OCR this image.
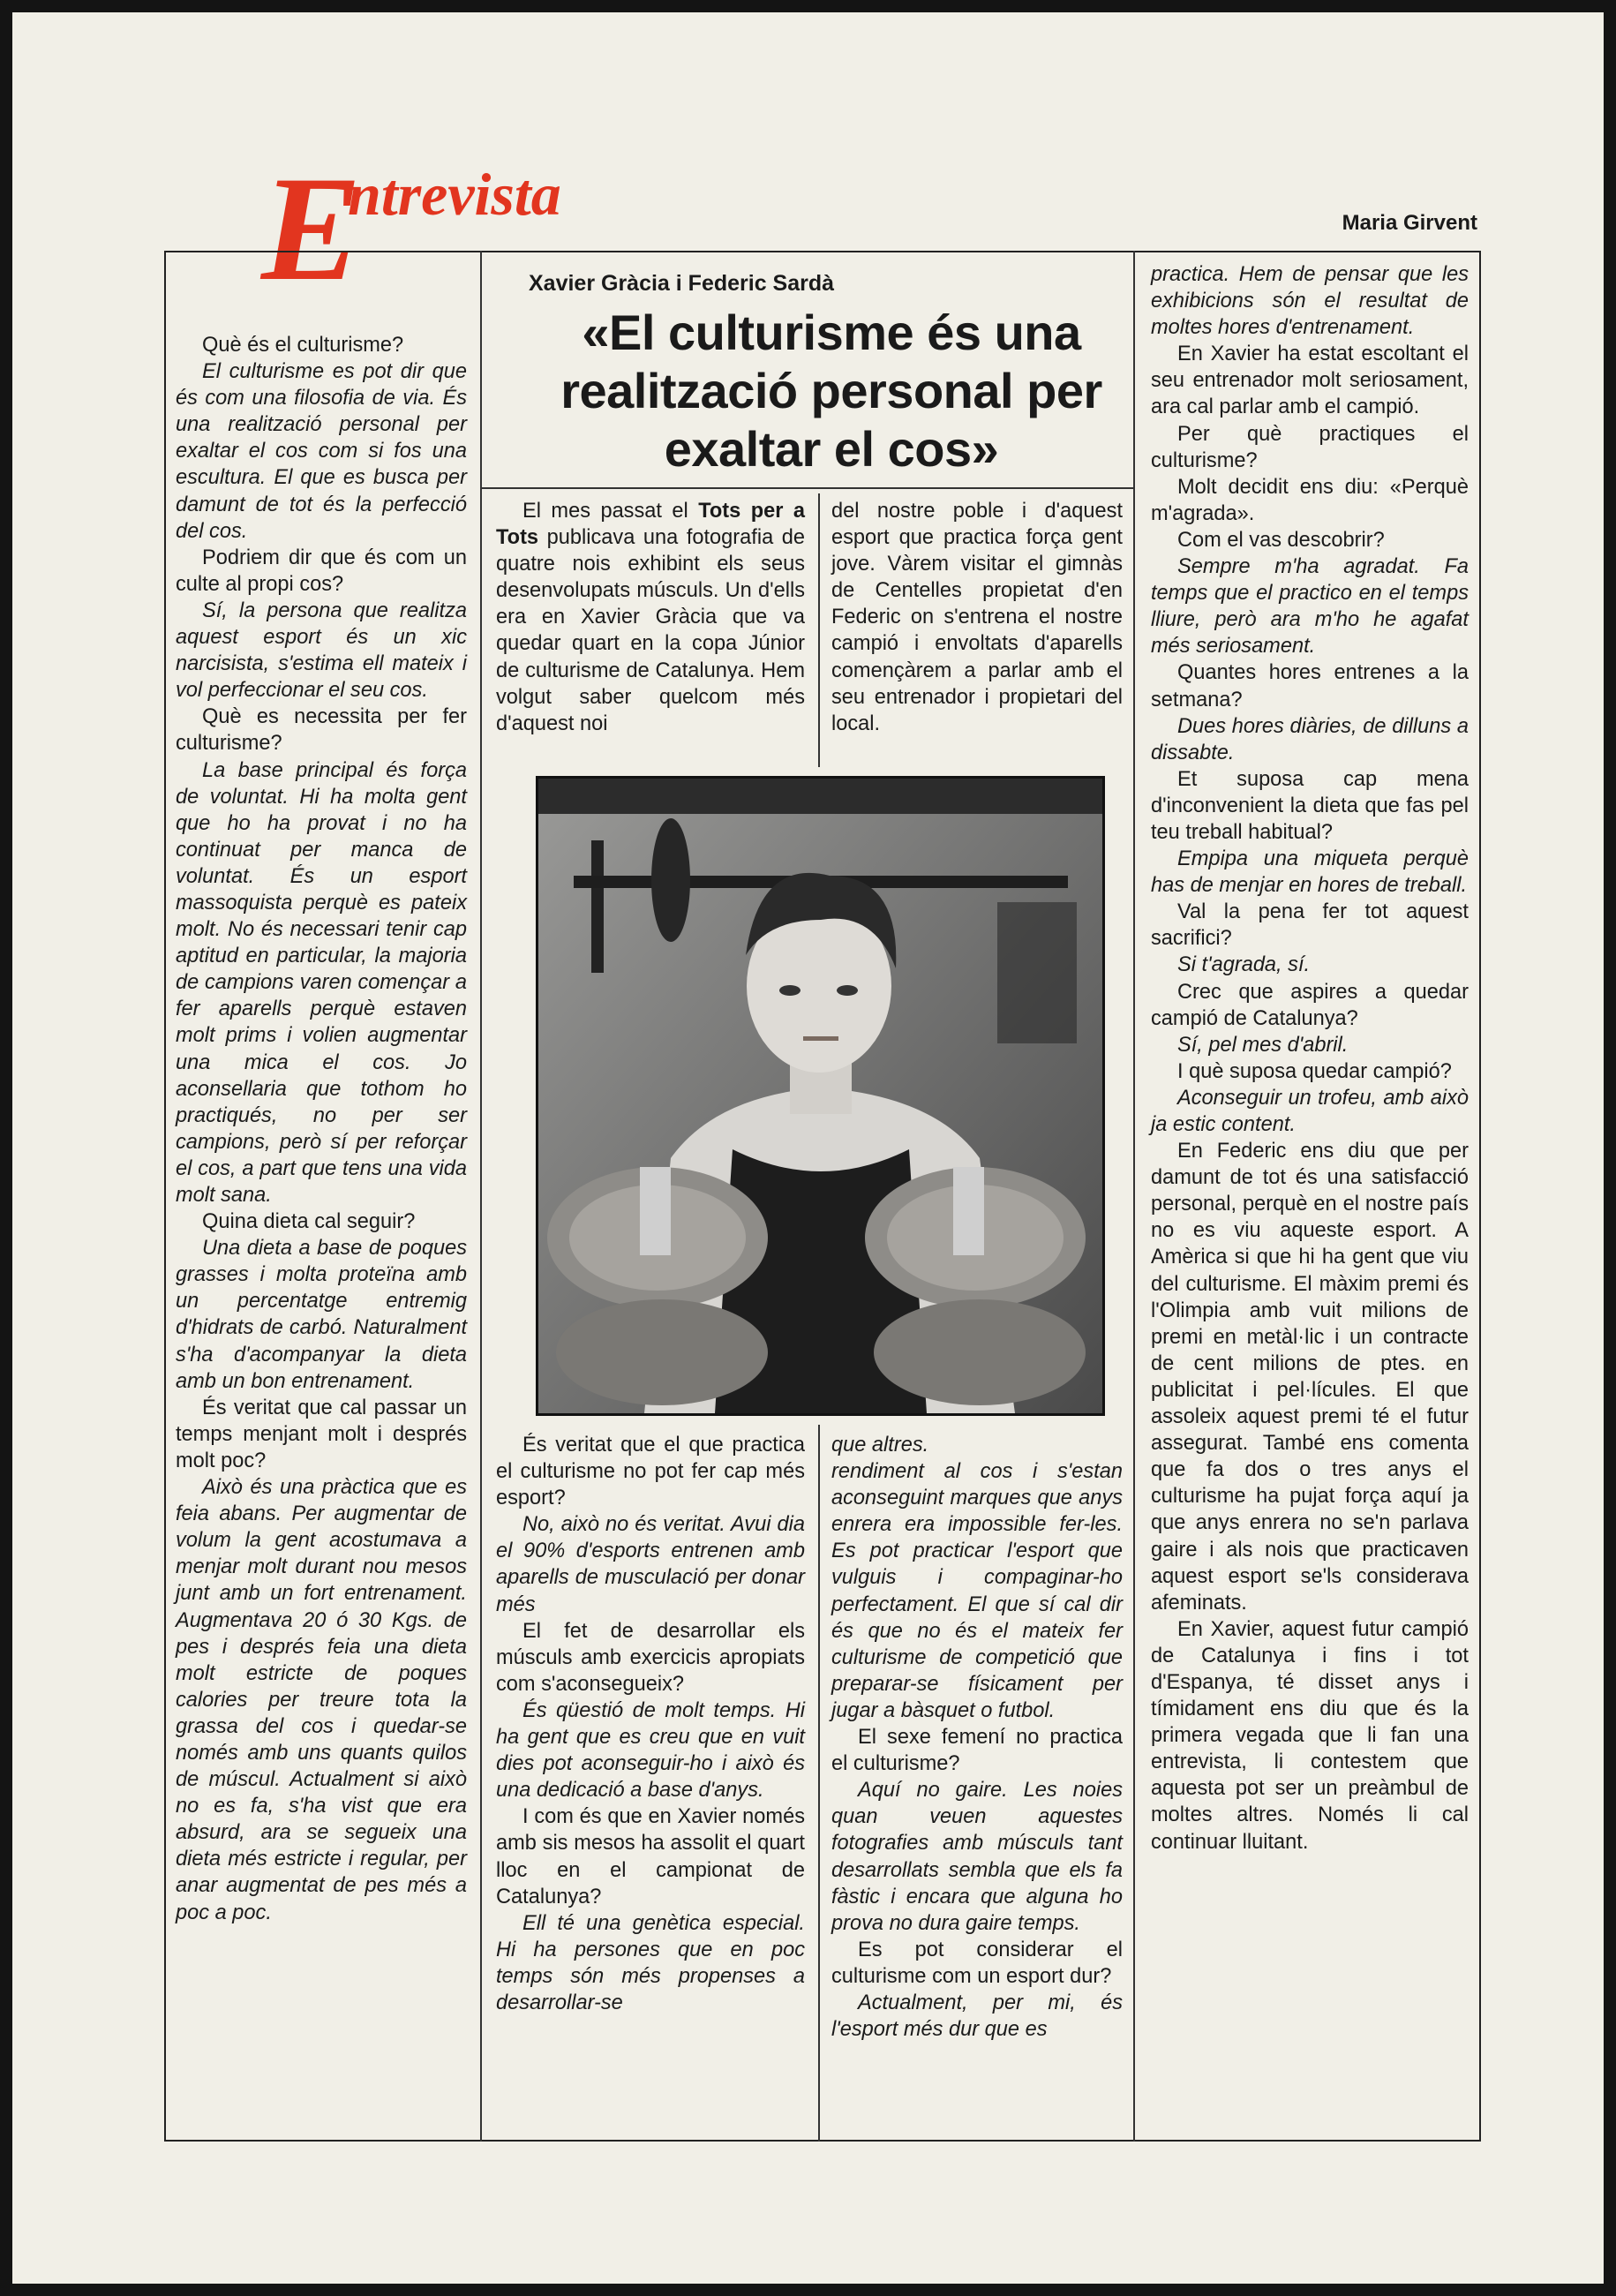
E
ntrevista	Maria Girvent

Què és el culturisme?

El culturisme es pot dir que és com una filosofia de via. És una realització personal per exaltar el cos com si fos una escultura. El que es busca per damunt de tot és la perfecció del cos.

Podriem dir que és com un culte al propi cos?

Sí, la persona que realitza aquest esport és un xic narcisista, s'estima ell mateix i vol perfeccionar el seu cos.

Què es necessita per fer culturisme?

La base principal és força de voluntat. Hi ha molta gent que ho ha provat i no ha continuat per manca de voluntat. És un esport massoquista perquè es pateix molt. No és necessari tenir cap aptitud en particular, la majoria de campions varen començar a fer aparells perquè estaven molt prims i volien augmentar una mica el cos. Jo aconsellaria que tothom ho practiqués, no per ser campions, però sí per reforçar el cos, a part que tens una vida molt sana.

Quina dieta cal seguir?

Una dieta a base de poques grasses i molta proteïna amb un percentatge entremig d'hidrats de carbó. Naturalment s'ha d'acompanyar la dieta amb un bon entrenament.

És veritat que cal passar un temps menjant molt i després molt poc?

Això és una pràctica que es feia abans. Per augmentar de volum la gent acostumava a menjar molt durant nou mesos junt amb un fort entrenament. Augmentava 20 ó 30 Kgs. de pes i després feia una dieta molt estricte de poques calories per treure tota la grassa del cos i quedar-se només amb uns quants quilos de múscul. Actualment si això no es fa, s'ha vist que era absurd, ara se segueix una dieta més estricte i regular, per anar augmentat de pes més a poc a poc.

Xavier Gràcia i Federic Sardà
«El culturisme és una realització personal per exaltar el cos»

El mes passat el Tots per a Tots publicava una fotografia de quatre nois exhibint els seus desenvolupats músculs. Un d'ells era en Xavier Gràcia que va quedar quart en la copa Júnior de culturisme de Catalunya. Hem volgut saber quelcom més d'aquest noi

del nostre poble i d'aquest esport que practica força gent jove. Vàrem visitar el gimnàs de Centelles propietat d'en Federic on s'entrena el nostre campió i envoltats d'aparells començàrem a parlar amb el seu entrenador i propietari del local.

És veritat que el que practica el culturisme no pot fer cap més esport?

No, això no és veritat. Avui dia el 90% d'esports entrenen amb aparells de musculació per donar més

El fet de desarrollar els músculs amb exercicis apropiats com s'aconsegueix?

És qüestió de molt temps. Hi ha gent que es creu que en vuit dies pot aconseguir-ho i això és una dedicació a base d'anys.

I com és que en Xavier només amb sis mesos ha assolit el quart lloc en el campionat de Catalunya?

Ell té una genètica especial. Hi ha persones que en poc temps són més propenses a desarrollar-se

que altres.

rendiment al cos i s'estan aconseguint marques que anys enrera era impossible fer-les. Es pot practicar l'esport que vulguis i compaginar-ho perfectament. El que sí cal dir és que no és el mateix fer culturisme de competició que preparar-se físicament per jugar a bàsquet o futbol.

El sexe femení no practica el culturisme?

Aquí no gaire. Les noies quan veuen aquestes fotografies amb músculs tant desarrollats sembla que els fa fàstic i encara que alguna ho prova no dura gaire temps.

Es pot considerar el culturisme com un esport dur?

Actualment, per mi, és l'esport més dur que es

practica. Hem de pensar que les exhibicions són el resultat de moltes hores d'entrenament.

En Xavier ha estat escoltant el seu entrenador molt seriosament, ara cal parlar amb el campió.

Per què practiques el culturisme?

Molt decidit ens diu: «Perquè m'agrada».

Com el vas descobrir?

Sempre m'ha agradat. Fa temps que el practico en el temps lliure, però ara m'ho he agafat més seriosament.

Quantes hores entrenes a la setmana?

Dues hores diàries, de dilluns a dissabte.

Et suposa cap mena d'inconvenient la dieta que fas pel teu treball habitual?

Empipa una miqueta perquè has de menjar en hores de treball.

Val la pena fer tot aquest sacrifici?

Si t'agrada, sí.

Crec que aspires a quedar campió de Catalunya?

Sí, pel mes d'abril.

I què suposa quedar campió?

Aconseguir un trofeu, amb això ja estic content.

En Federic ens diu que per damunt de tot és una satisfacció personal, perquè en el nostre país no es viu aqueste esport. A Amèrica si que hi ha gent que viu del culturisme. El màxim premi és l'Olimpia amb vuit milions de premi en metàl·lic i un contracte de cent milions de ptes. en publicitat i pel·lícules. El que assoleix aquest premi té el futur assegurat. També ens comenta que fa dos o tres anys el culturisme ha pujat força aquí ja que anys enrera no se'n parlava gaire i als nois que practicaven aquest esport se'ls considerava afeminats.

En Xavier, aquest futur campió de Catalunya i fins i tot d'Espanya, té disset anys i tímidament ens diu que és la primera vegada que li fan una entrevista, li contestem que aquesta pot ser un preàmbul de moltes altres. Només li cal continuar lluitant.
